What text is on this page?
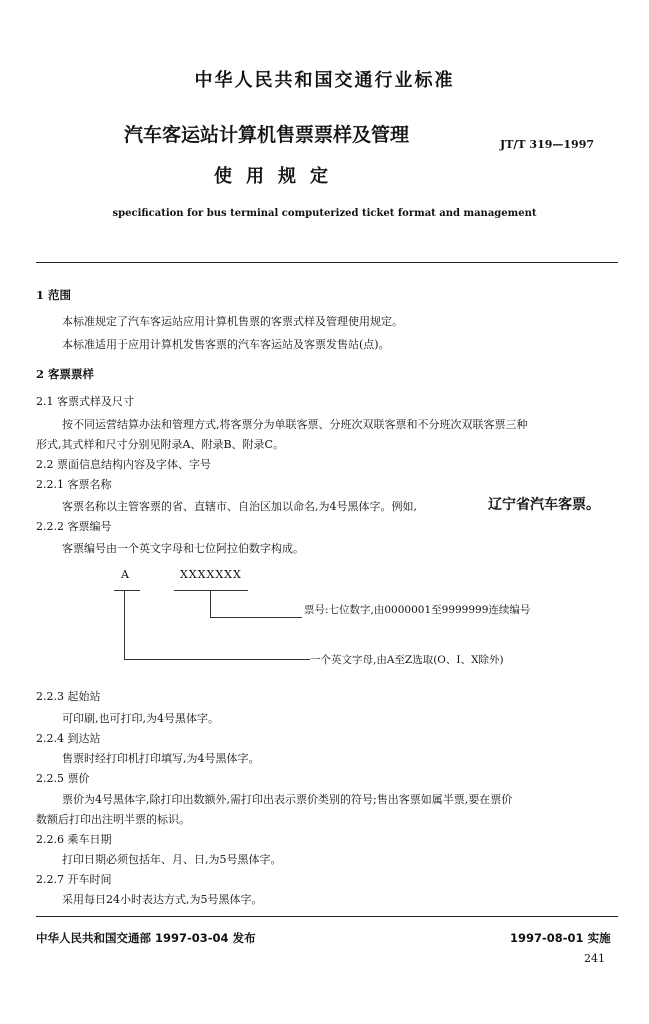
中华人民共和国交通行业标准
汽车客运站计算机售票票样及管理	JT/T 319—1997
使用规定
specification for bus terminal computerized ticket format and management
1 范围
本标准规定了汽车客运站应用计算机售票的客票式样及管理使用规定。
本标准适用于应用计算机发售客票的汽车客运站及客票发售站(点)。
2 客票票样
2.1 客票式样及尺寸
按不同运营结算办法和管理方式,将客票分为单联客票、分班次双联客票和不分班次双联客票三种
形式,其式样和尺寸分别见附录A、附录B、附录C。
2.2 票面信息结构内容及字体、字号
2.2.1 客票名称
客票名称以主管客票的省、直辖市、自治区加以命名,为4号黑体字。例如,	辽宁省汽车客票。
2.2.2 客票编号
客票编号由一个英文字母和七位阿拉伯数字构成。
A	XXXXXXX
票号:七位数字,由0000001至9999999连续编号
一个英文字母,由A至Z选取(O、I、X除外)
2.2.3 起始站
可印刷,也可打印,为4号黑体字。
2.2.4 到达站
售票时经打印机打印填写,为4号黑体字。
2.2.5 票价
票价为4号黑体字,除打印出数额外,需打印出表示票价类别的符号;售出客票如属半票,要在票价
数额后打印出注明半票的标识。
2.2.6 乘车日期
打印日期必须包括年、月、日,为5号黑体字。
2.2.7 开车时间
采用每日24小时表达方式,为5号黑体字。
中华人民共和国交通部 1997-03-04 发布	1997-08-01 实施
241
